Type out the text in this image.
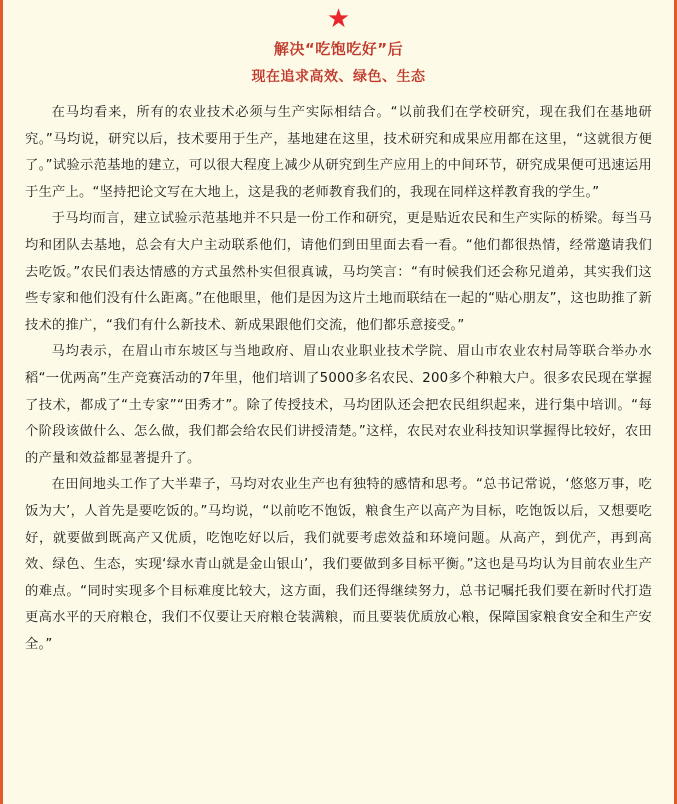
★
解决“吃饱吃好”后
现在追求高效、绿色、生态

在马均看来，所有的农业技术必须与生产实际相结合。“以前我们在学校研究，现在我们在基地研究。”马均说，研究以后，技术要用于生产，基地建在这里，技术研究和成果应用都在这里，“这就很方便了。”试验示范基地的建立，可以很大程度上减少从研究到生产应用上的中间环节，研究成果便可迅速运用于生产上。“坚持把论文写在大地上，这是我的老师教育我们的，我现在同样这样教育我的学生。”

于马均而言，建立试验示范基地并不只是一份工作和研究，更是贴近农民和生产实际的桥梁。每当马均和团队去基地，总会有大户主动联系他们，请他们到田里面去看一看。“他们都很热情，经常邀请我们去吃饭。”农民们表达情感的方式虽然朴实但很真诚，马均笑言：“有时候我们还会称兄道弟，其实我们这些专家和他们没有什么距离。”在他眼里，他们是因为这片土地而联结在一起的“贴心朋友”，这也助推了新技术的推广，“我们有什么新技术、新成果跟他们交流，他们都乐意接受。”

马均表示，在眉山市东坡区与当地政府、眉山农业职业技术学院、眉山市农业农村局等联合举办水稻“一优两高”生产竞赛活动的7年里，他们培训了5000多名农民、200多个种粮大户。很多农民现在掌握了技术，都成了“土专家”“田秀才”。除了传授技术，马均团队还会把农民组织起来，进行集中培训。“每个阶段该做什么、怎么做，我们都会给农民们讲授清楚。”这样，农民对农业科技知识掌握得比较好，农田的产量和效益都显著提升了。

在田间地头工作了大半辈子，马均对农业生产也有独特的感情和思考。“总书记常说，‘悠悠万事，吃饭为大’，人首先是要吃饭的。”马均说，“以前吃不饱饭，粮食生产以高产为目标，吃饱饭以后，又想要吃好，就要做到既高产又优质，吃饱吃好以后，我们就要考虑效益和环境问题。从高产，到优产，再到高效、绿色、生态，实现‘绿水青山就是金山银山’，我们要做到多目标平衡。”这也是马均认为目前农业生产的难点。“同时实现多个目标难度比较大，这方面，我们还得继续努力，总书记嘱托我们要在新时代打造更高水平的天府粮仓，我们不仅要让天府粮仓装满粮，而且要装优质放心粮，保障国家粮食安全和生产安全。”
